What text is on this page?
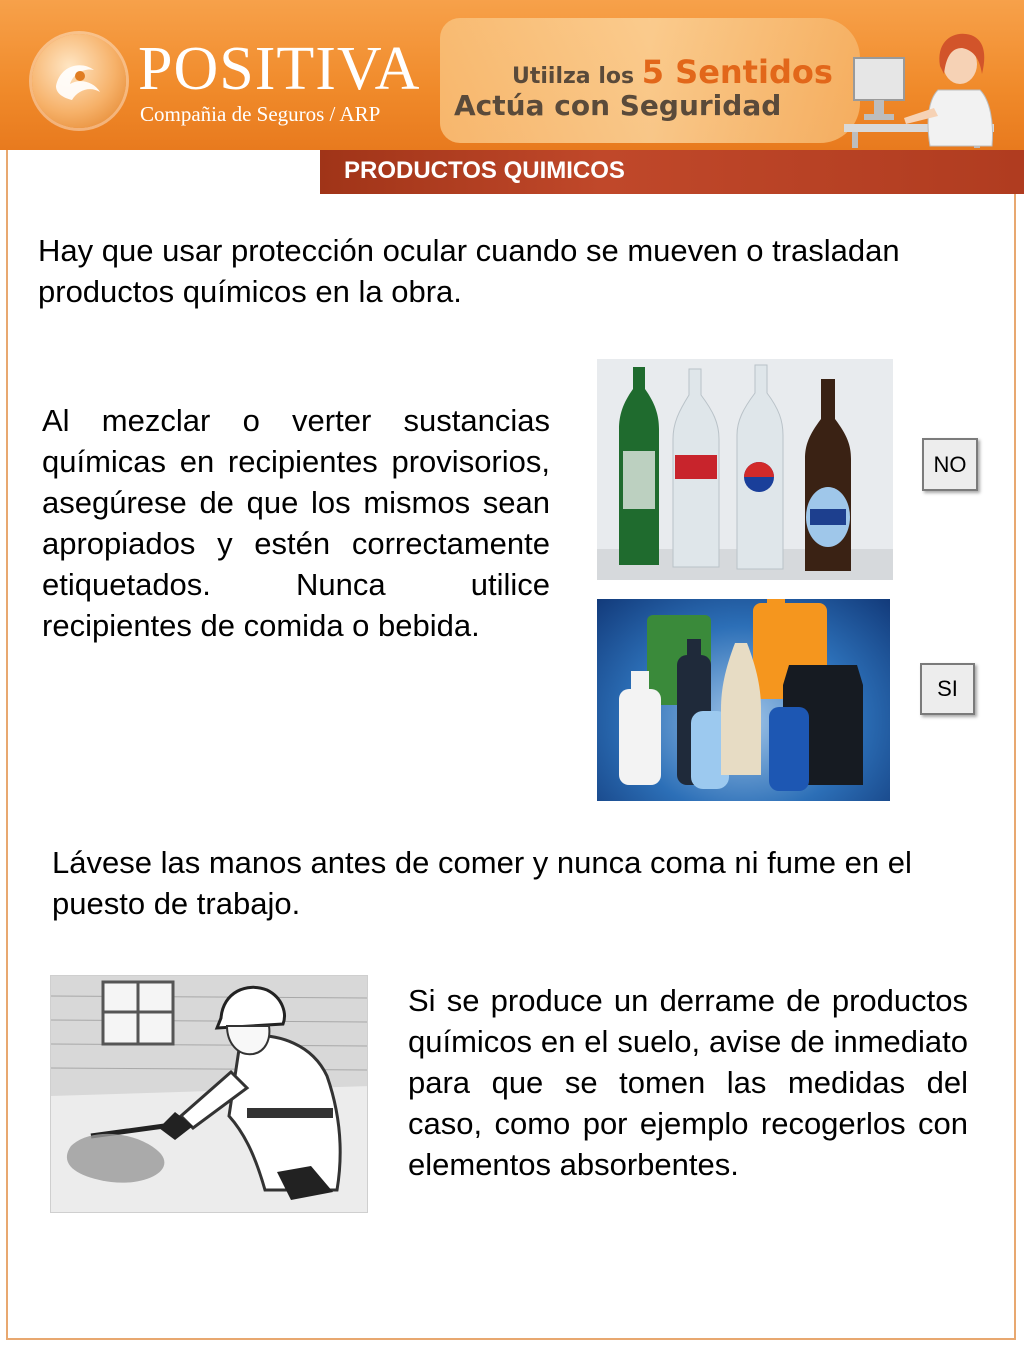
POSITIVA
Compañia de Seguros / ARP
Utiilza los 5 Sentidos
Actúa con Seguridad
PRODUCTOS QUIMICOS

Hay que usar protección ocular cuando se mueven o trasladan productos químicos en la obra.

Al mezclar o verter sustancias químicas en recipientes provisorios, asegúrese de que los mismos sean apropiados y estén correctamente etiquetados. Nunca utilice recipientes de comida o bebida.

NO
SI

Lávese las manos antes de comer y nunca coma ni fume en el puesto de trabajo.

Si se produce un derrame de productos químicos en el suelo, avise de inmediato para que se tomen las medidas del caso, como por ejemplo recogerlos con elementos absorbentes.
